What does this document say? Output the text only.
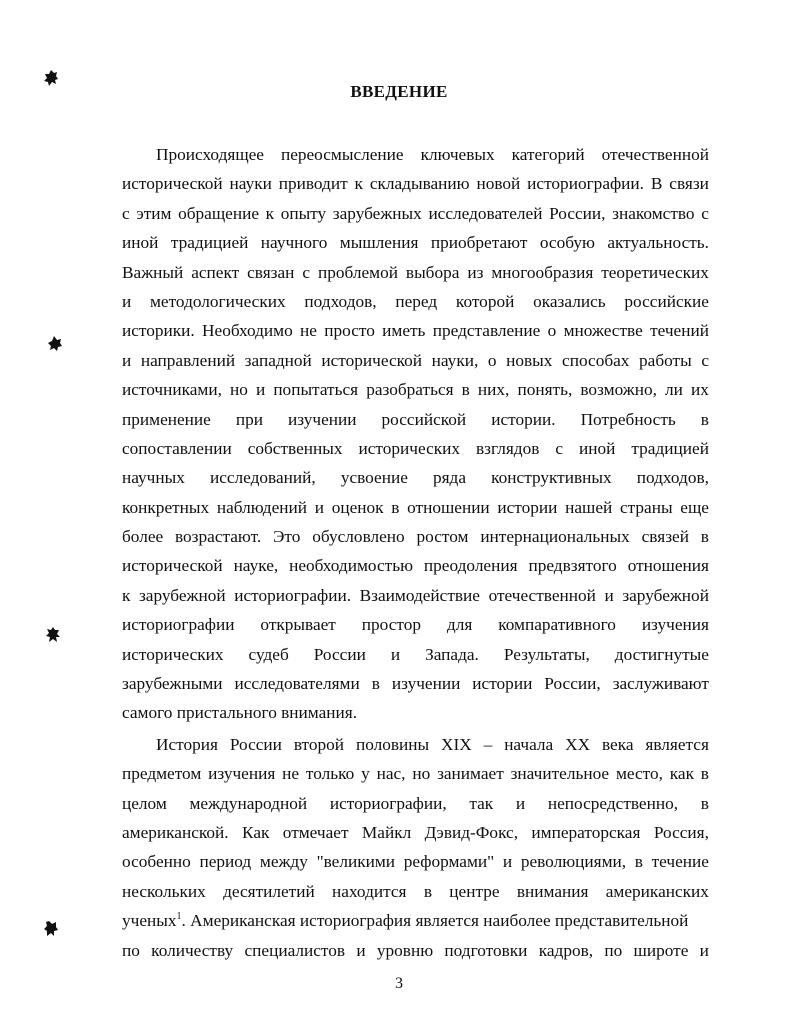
ВВЕДЕНИЕ
Происходящее переосмысление ключевых категорий отечественной
исторической науки приводит к складыванию новой историографии. В связи
с этим обращение к опыту зарубежных исследователей России, знакомство с
иной традицией научного мышления приобретают особую актуальность.
Важный аспект связан с проблемой выбора из многообразия теоретических
и методологических подходов, перед которой оказались российские
историки. Необходимо не просто иметь представление о множестве течений
и направлений западной исторической науки, о новых способах работы с
источниками, но и попытаться разобраться в них, понять, возможно, ли их
применение при изучении российской истории. Потребность в
сопоставлении собственных исторических взглядов с иной традицией
научных исследований, усвоение ряда конструктивных подходов,
конкретных наблюдений и оценок в отношении истории нашей страны еще
более возрастают. Это обусловлено ростом интернациональных связей в
исторической науке, необходимостью преодоления предвзятого отношения
к зарубежной историографии. Взаимодействие отечественной и зарубежной
историографии открывает простор для компаративного изучения
исторических судеб России и Запада. Результаты, достигнутые
зарубежными исследователями в изучении истории России, заслуживают
самого пристального внимания.
История России второй половины XIX – начала XX века является
предметом изучения не только у нас, но занимает значительное место, как в
целом международной историографии, так и непосредственно, в
американской. Как отмечает Майкл Дэвид-Фокс, императорская Россия,
особенно период между "великими реформами" и революциями, в течение
нескольких десятилетий находится в центре внимания американских
ученых$^1$. Американская историография является наиболее представительной
по количеству специалистов и уровню подготовки кадров, по широте и
3
